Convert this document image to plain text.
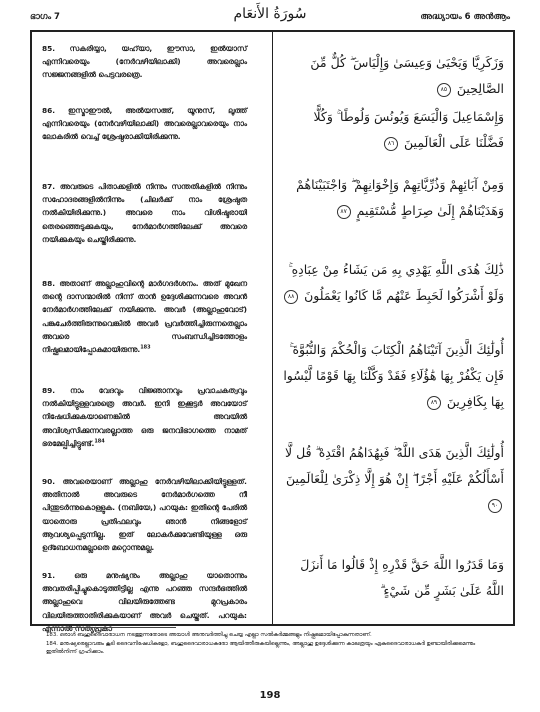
ഭാഗം 7	سُورَةُ الأَنعَام	അദ്ധ്യായം 6 അൻആം
85. സകരിയ്യാ, യഹ്‌യാ, ഈസാ, ഇൽയാസ് എന്നിവരെയും (നേർവഴിയിലാക്കി) അവരെല്ലാം സജ്ജനങ്ങളിൽ പെട്ടവരത്രെ.
86. ഇസ്മാഈൽ, അൽയസഅ്, യൂനുസ്, ലൂത്ത് എന്നിവരെയും (നേർവഴിയിലാക്കി) അവരെല്ലാവരെയും നാം ലോകരിൽ വെച്ച് ശ്രേഷ്ഠരാക്കിയിരിക്കുന്നു.
87. അവരുടെ പിതാക്കളിൽ നിന്നും സന്തതികളിൽ നിന്നും സഹോദരങ്ങളിൽനിന്നും (ചിലർക്ക് നാം ശ്രേഷ്ഠത നൽകിയിരിക്കുന്നു.) അവരെ നാം വിശിഷ്ടരായി തെരഞ്ഞെടുക്കുകയും, നേർമാർഗത്തിലേക്ക് അവരെ നയിക്കുകയും ചെയ്തിരിക്കുന്നു.
88. അതാണ് അല്ലാഹുവിന്റെ മാർഗദർശനം. അത് മുഖേന തന്റെ ദാസന്മാരിൽ നിന്ന് താൻ ഉദ്ദേശിക്കുന്നവരെ അവൻ നേർമാർഗത്തിലേക്ക് നയിക്കുന്നു. അവർ (അല്ലാഹുവോട്) പങ്കുചേർത്തിരുന്നുവെങ്കിൽ അവർ പ്രവർത്തിച്ചിരുന്നതെല്ലാം അവരെ സംബന്ധിച്ചിടത്തോളം നിഷ്ഫലമായിപ്പോകുമായിരുന്നു.$^{183}$
89. നാം വേദവും വിജ്ഞാനവും പ്രവാചകത്വവും നൽകിയിട്ടുള്ളവരത്രെ അവർ. ഇനി ഇക്കൂട്ടർ അവയോട് നിഷേധിക്കുകയാണെങ്കിൽ അവയിൽ അവിശ്വസിക്കുന്നവരല്ലാത്ത ഒരു ജനവിഭാഗത്തെ നാമത് ഭരമേല്പിച്ചിട്ടുണ്ട്.$^{184}$
90. അവരെയാണ് അല്ലാഹു നേർവഴിയിലാക്കിയിട്ടുള്ളത്. അതിനാൽ അവരുടെ നേർമാർഗത്തെ നീ പിന്തുടർന്നുകൊള്ളുക. (നബിയേ,) പറയുക: ഇതിന്റെ പേരിൽ യാതൊരു പ്രതിഫലവും ഞാൻ നിങ്ങളോട് ആവശ്യപ്പെടുന്നില്ല. ഇത് ലോകർക്കുവേണ്ടിയുള്ള ഒരു ഉദ്ബോധനമല്ലാതെ മറ്റൊന്നുമല്ല.
91. ഒരു മനുഷ്യനും അല്ലാഹു യാതൊന്നും അവതരിപ്പിച്ചുകൊടുത്തിട്ടില്ല എന്നു പറഞ്ഞ സന്ദർഭത്തിൽ അല്ലാഹുവെ വിലയിരുത്തേണ്ട മുറപ്രകാരം വിലയിരുത്താതിരിക്കുകയാണ് അവർ ചെയ്തത്. പറയുക: എന്നാൽ സത്യപ്രകാ
وَزَكَرِيَّا وَيَحْيَىٰ وَعِيسَىٰ وَإِلْيَاسَ ۖ كُلٌّ مِّنَ الصَّالِحِينَ ٨٥
وَإِسْمَاعِيلَ وَالْيَسَعَ وَيُونُسَ وَلُوطًا ۚ وَكُلًّا فَضَّلْنَا عَلَى الْعَالَمِينَ ٨٦
وَمِنْ آبَائِهِمْ وَذُرِّيَّاتِهِمْ وَإِخْوَانِهِمْ ۖ وَاجْتَبَيْنَاهُمْ وَهَدَيْنَاهُمْ إِلَىٰ صِرَاطٍ مُّسْتَقِيمٍ ٨٧
ذَٰلِكَ هُدَى اللَّهِ يَهْدِي بِهِ مَن يَشَاءُ مِنْ عِبَادِهِ ۚ وَلَوْ أَشْرَكُوا لَحَبِطَ عَنْهُم مَّا كَانُوا يَعْمَلُونَ ٨٨
أُولَٰئِكَ الَّذِينَ آتَيْنَاهُمُ الْكِتَابَ وَالْحُكْمَ وَالنُّبُوَّةَ ۚ فَإِن يَكْفُرْ بِهَا هَٰؤُلَاءِ فَقَدْ وَكَّلْنَا بِهَا قَوْمًا لَّيْسُوا بِهَا بِكَافِرِينَ ٨٩
أُولَٰئِكَ الَّذِينَ هَدَى اللَّهُ ۖ فَبِهُدَاهُمُ اقْتَدِهْ ۗ قُل لَّا أَسْأَلُكُمْ عَلَيْهِ أَجْرًا ۖ إِنْ هُوَ إِلَّا ذِكْرَىٰ لِلْعَالَمِينَ ٩٠
وَمَا قَدَرُوا اللَّهَ حَقَّ قَدْرِهِ إِذْ قَالُوا مَا أَنزَلَ اللَّهُ عَلَىٰ بَشَرٍ مِّن شَيْءٍ ۗ
183. ഒരാൾ ബഹുദൈവാരാധന നടത്തുന്നതോടെ അയാൾ അനുവർത്തിച്ചു ചെയ്യ എല്ലാ സൽകർമ്മങ്ങളും നിഷ്ഫലമായിപ്പോകുന്നതാണ്.
184. മനുഷ്യരെല്ലാവരും കൂടി ദൈവനിഷേധികളോ, ബഹുദൈവാരാധകരോ ആയിത്തീരുകയില്ലെന്നും, അല്ലാഹു ഉദ്ദേശിക്കുന്ന കാലത്രയും ഏകദൈവാരാധകർ ഉണ്ടായിരിക്കുമെന്നും ഇതിൽനിന്ന് ഗ്രഹിക്കാം.
198
